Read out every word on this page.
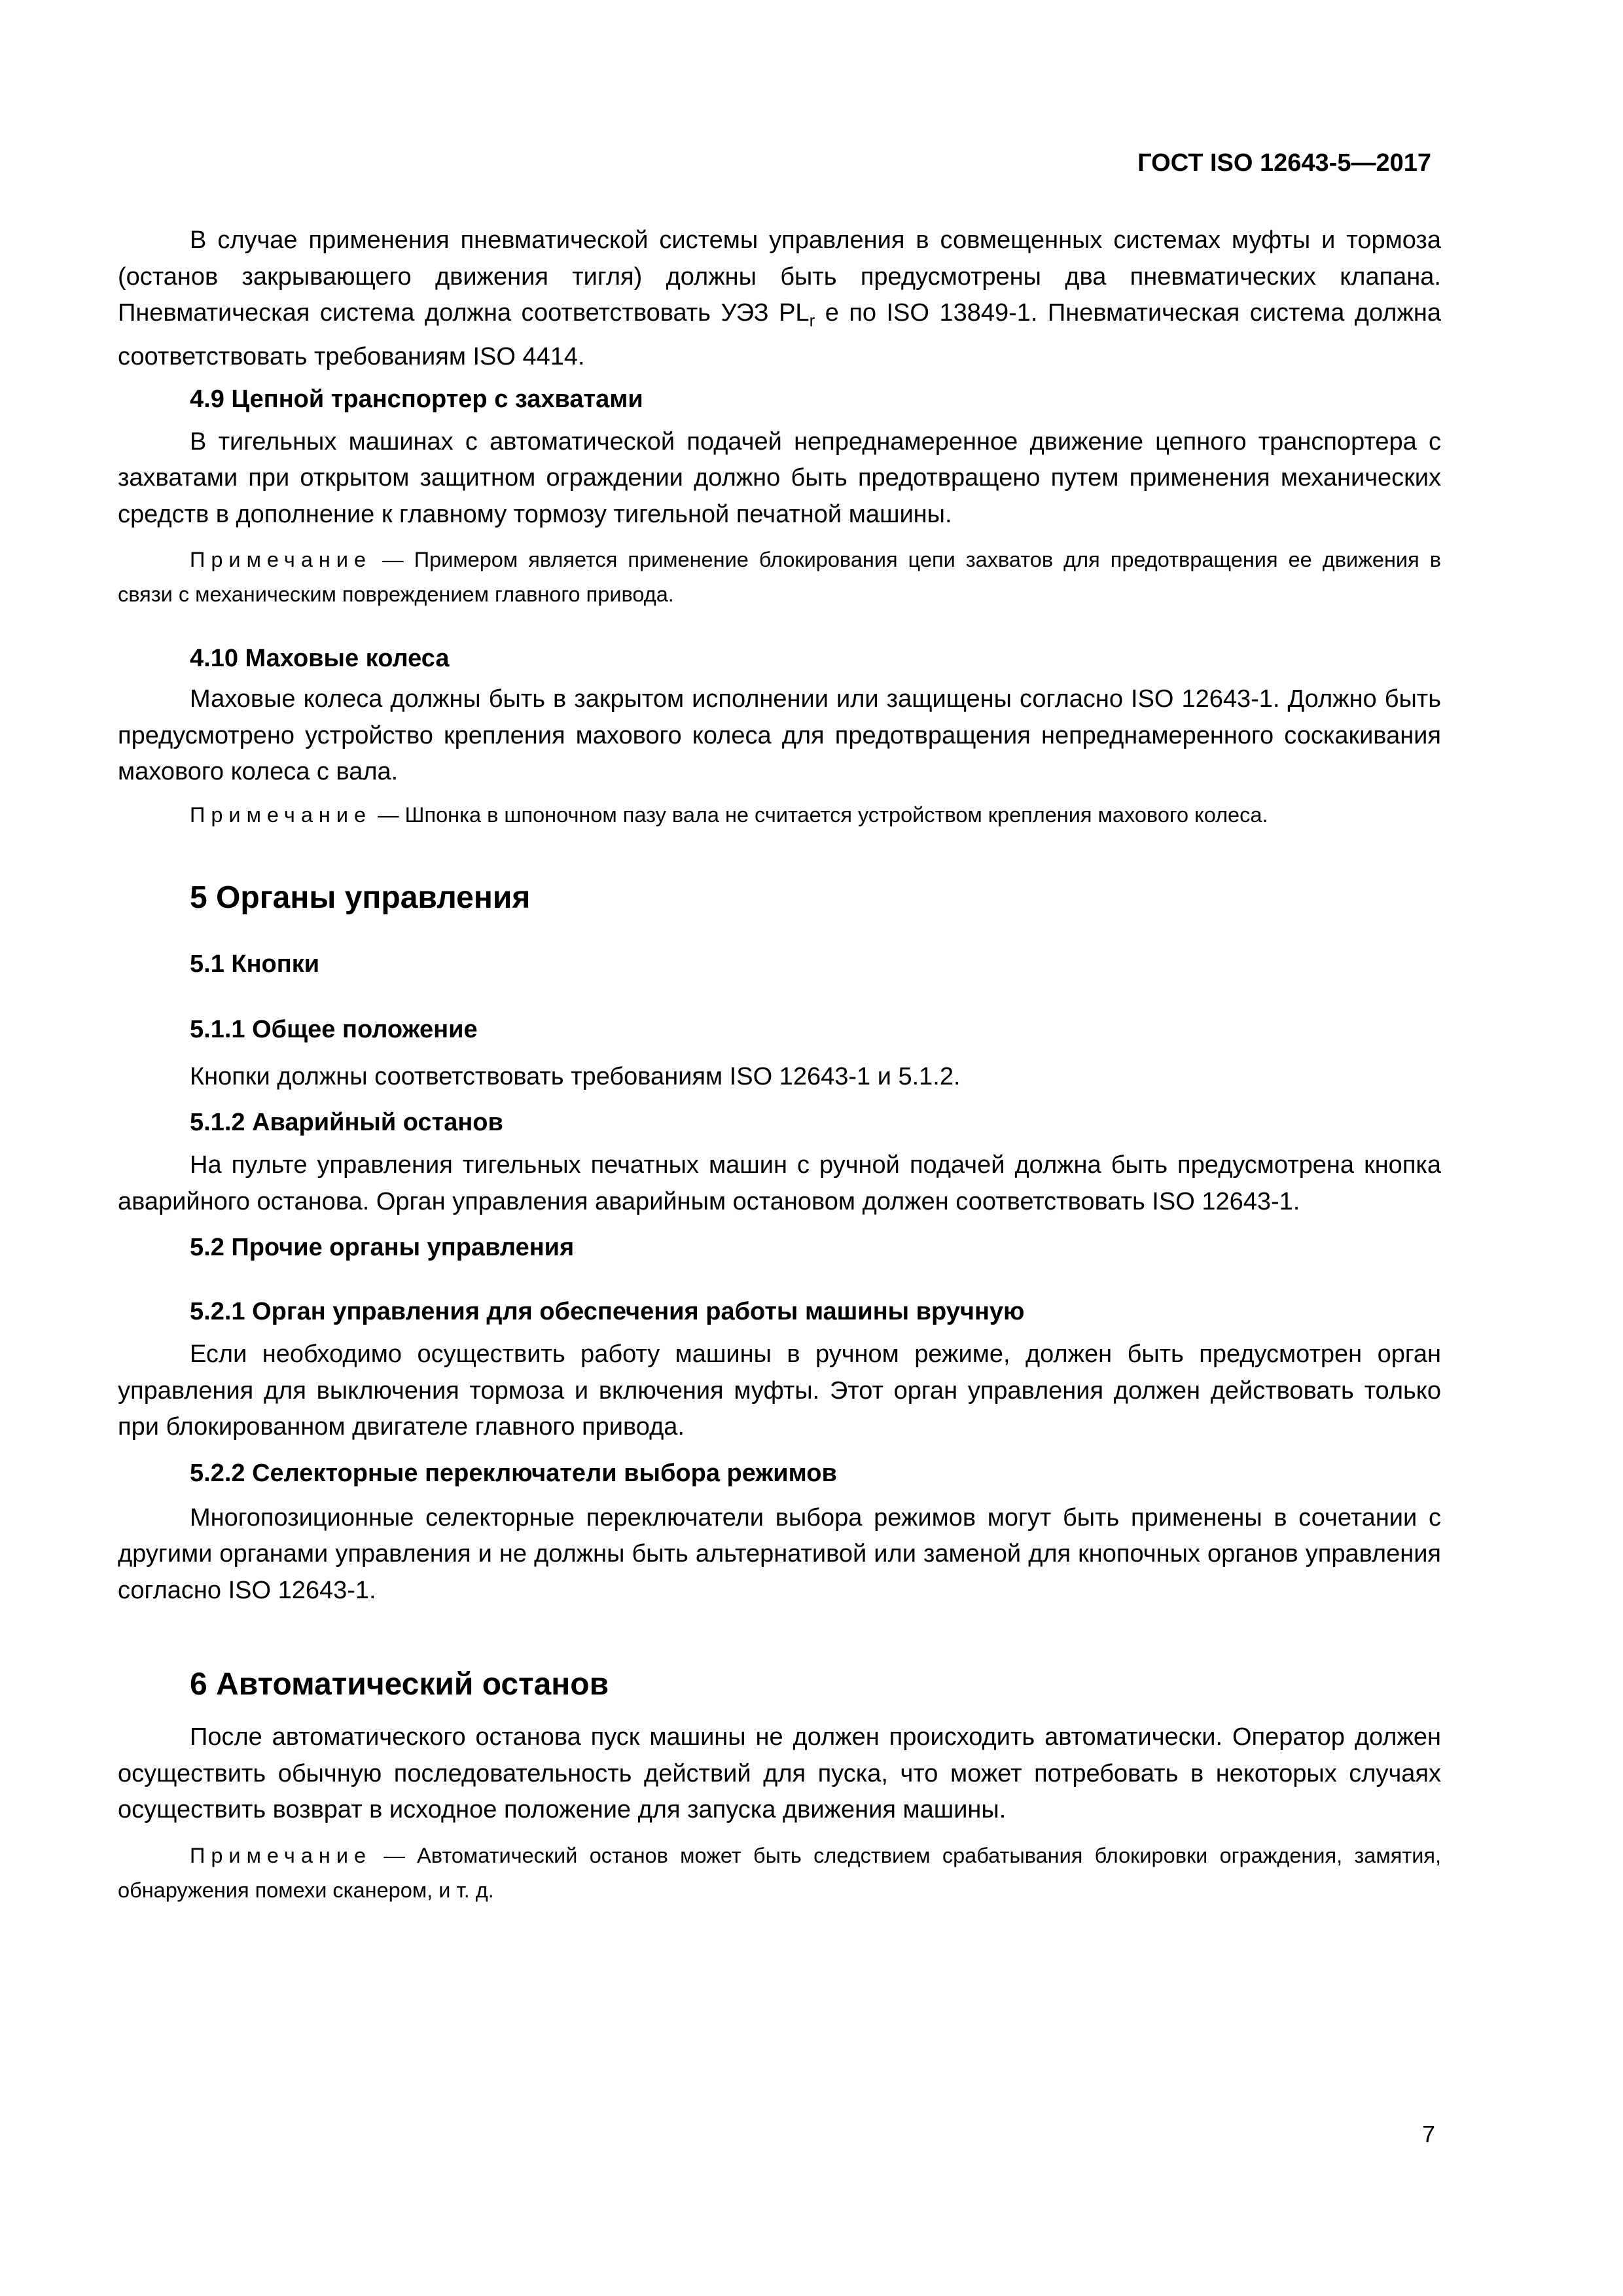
ГОСТ ISO 12643-5—2017

В случае применения пневматической системы управления в совмещенных системах муфты и тормоза (останов закрывающего движения тигля) должны быть предусмотрены два пневматических клапана. Пневматическая система должна соответствовать УЭЗ $PL_r$ е по ISO 13849-1. Пневматическая система должна соответствовать требованиям ISO 4414.

4.9 Цепной транспортер с захватами

В тигельных машинах с автоматической подачей непреднамеренное движение цепного транспортера с захватами при открытом защитном ограждении должно быть предотвращено путем применения механических средств в дополнение к главному тормозу тигельной печатной машины.

Примечание — Примером является применение блокирования цепи захватов для предотвращения ее движения в связи с механическим повреждением главного привода.

4.10 Маховые колеса

Маховые колеса должны быть в закрытом исполнении или защищены согласно ISO 12643-1. Должно быть предусмотрено устройство крепления махового колеса для предотвращения непреднамеренного соскакивания махового колеса с вала.

Примечание — Шпонка в шпоночном пазу вала не считается устройством крепления махового колеса.

5 Органы управления

5.1 Кнопки

5.1.1 Общее положение

Кнопки должны соответствовать требованиям ISO 12643-1 и 5.1.2.

5.1.2 Аварийный останов

На пульте управления тигельных печатных машин с ручной подачей должна быть предусмотрена кнопка аварийного останова. Орган управления аварийным остановом должен соответствовать ISO 12643-1.

5.2 Прочие органы управления

5.2.1 Орган управления для обеспечения работы машины вручную

Если необходимо осуществить работу машины в ручном режиме, должен быть предусмотрен орган управления для выключения тормоза и включения муфты. Этот орган управления должен действовать только при блокированном двигателе главного привода.

5.2.2 Селекторные переключатели выбора режимов

Многопозиционные селекторные переключатели выбора режимов могут быть применены в сочетании с другими органами управления и не должны быть альтернативой или заменой для кнопочных органов управления согласно ISO 12643-1.

6 Автоматический останов

После автоматического останова пуск машины не должен происходить автоматически. Оператор должен осуществить обычную последовательность действий для пуска, что может потребовать в некоторых случаях осуществить возврат в исходное положение для запуска движения машины.

Примечание — Автоматический останов может быть следствием срабатывания блокировки ограждения, замятия, обнаружения помехи сканером, и т. д.

7
